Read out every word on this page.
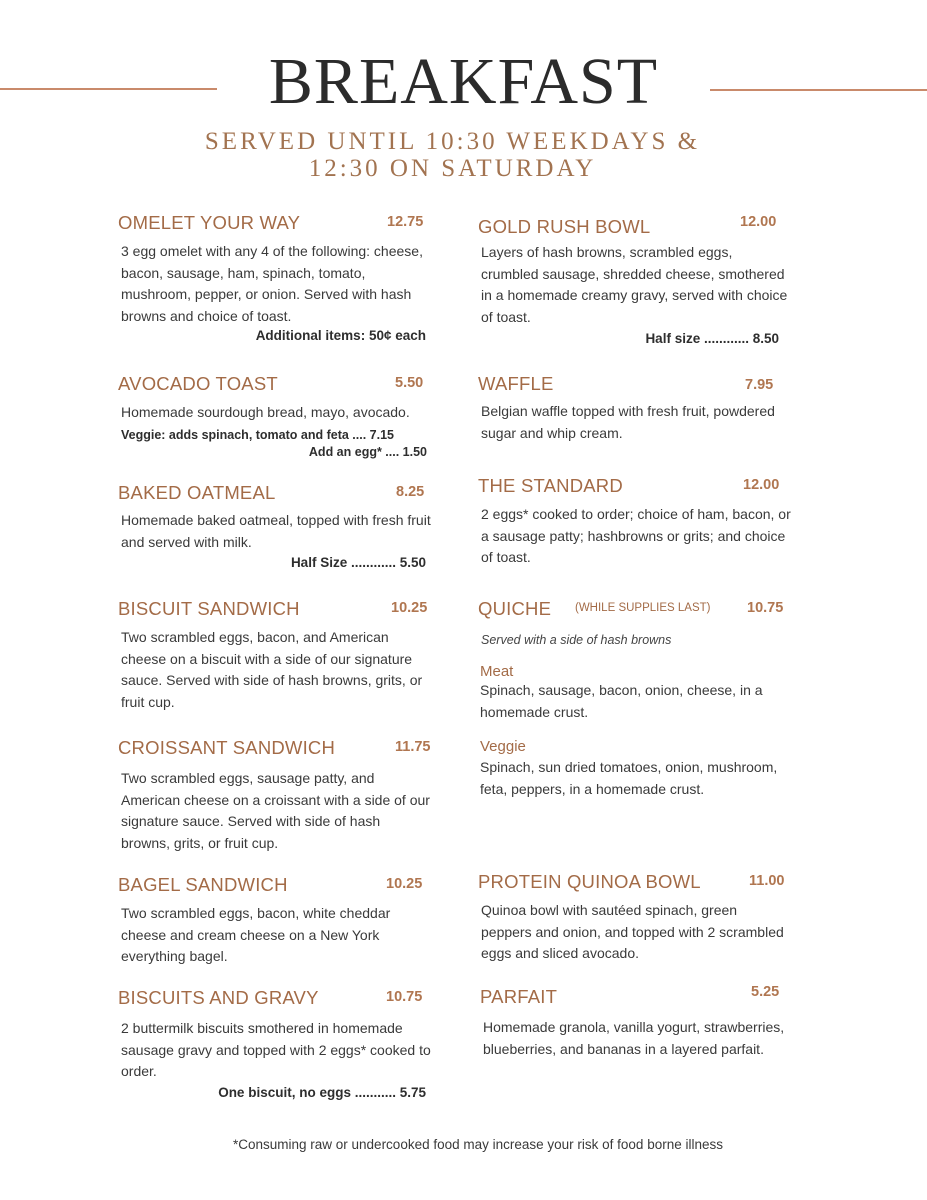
BREAKFAST
SERVED UNTIL 10:30 WEEKDAYS &
12:30 ON SATURDAY
OMELET YOUR WAY	12.75
3 egg omelet with any 4 of the following: cheese, bacon, sausage, ham, spinach, tomato, mushroom, pepper, or onion. Served with hash browns and choice of toast.
Additional items: 50¢ each
AVOCADO TOAST	5.50
Homemade sourdough bread, mayo, avocado.
Veggie: adds spinach, tomato and feta .... 7.15
Add an egg* .... 1.50
BAKED OATMEAL	8.25
Homemade baked oatmeal, topped with fresh fruit and served with milk.
Half Size ............ 5.50
BISCUIT SANDWICH	10.25
Two scrambled eggs, bacon, and American cheese on a biscuit with a side of our signature sauce. Served with side of hash browns, grits, or fruit cup.
CROISSANT SANDWICH	11.75
Two scrambled eggs, sausage patty, and American cheese on a croissant with a side of our signature sauce. Served with side of hash browns, grits, or fruit cup.
BAGEL SANDWICH	10.25
Two scrambled eggs, bacon, white cheddar cheese and cream cheese on a New York everything bagel.
BISCUITS AND GRAVY	10.75
2 buttermilk biscuits smothered in homemade sausage gravy and topped with 2 eggs* cooked to order.
One biscuit, no eggs ........... 5.75
GOLD RUSH BOWL	12.00
Layers of hash browns, scrambled eggs, crumbled sausage, shredded cheese, smothered in a homemade creamy gravy, served with choice of toast.
Half size ............ 8.50
WAFFLE	7.95
Belgian waffle topped with fresh fruit, powdered sugar and whip cream.
THE STANDARD	12.00
2 eggs* cooked to order; choice of ham, bacon, or a sausage patty; hashbrowns or grits; and choice of toast.
QUICHE (WHILE SUPPLIES LAST)	10.75
Served with a side of hash browns
Meat
Spinach, sausage, bacon, onion, cheese, in a homemade crust.
Veggie
Spinach, sun dried tomatoes, onion, mushroom, feta, peppers, in a homemade crust.
PROTEIN QUINOA BOWL	11.00
Quinoa bowl with sautéed spinach, green peppers and onion, and topped with 2 scrambled eggs and sliced avocado.
PARFAIT	5.25
Homemade granola, vanilla yogurt, strawberries, blueberries, and bananas in a layered parfait.
*Consuming raw or undercooked food may increase your risk of food borne illness
